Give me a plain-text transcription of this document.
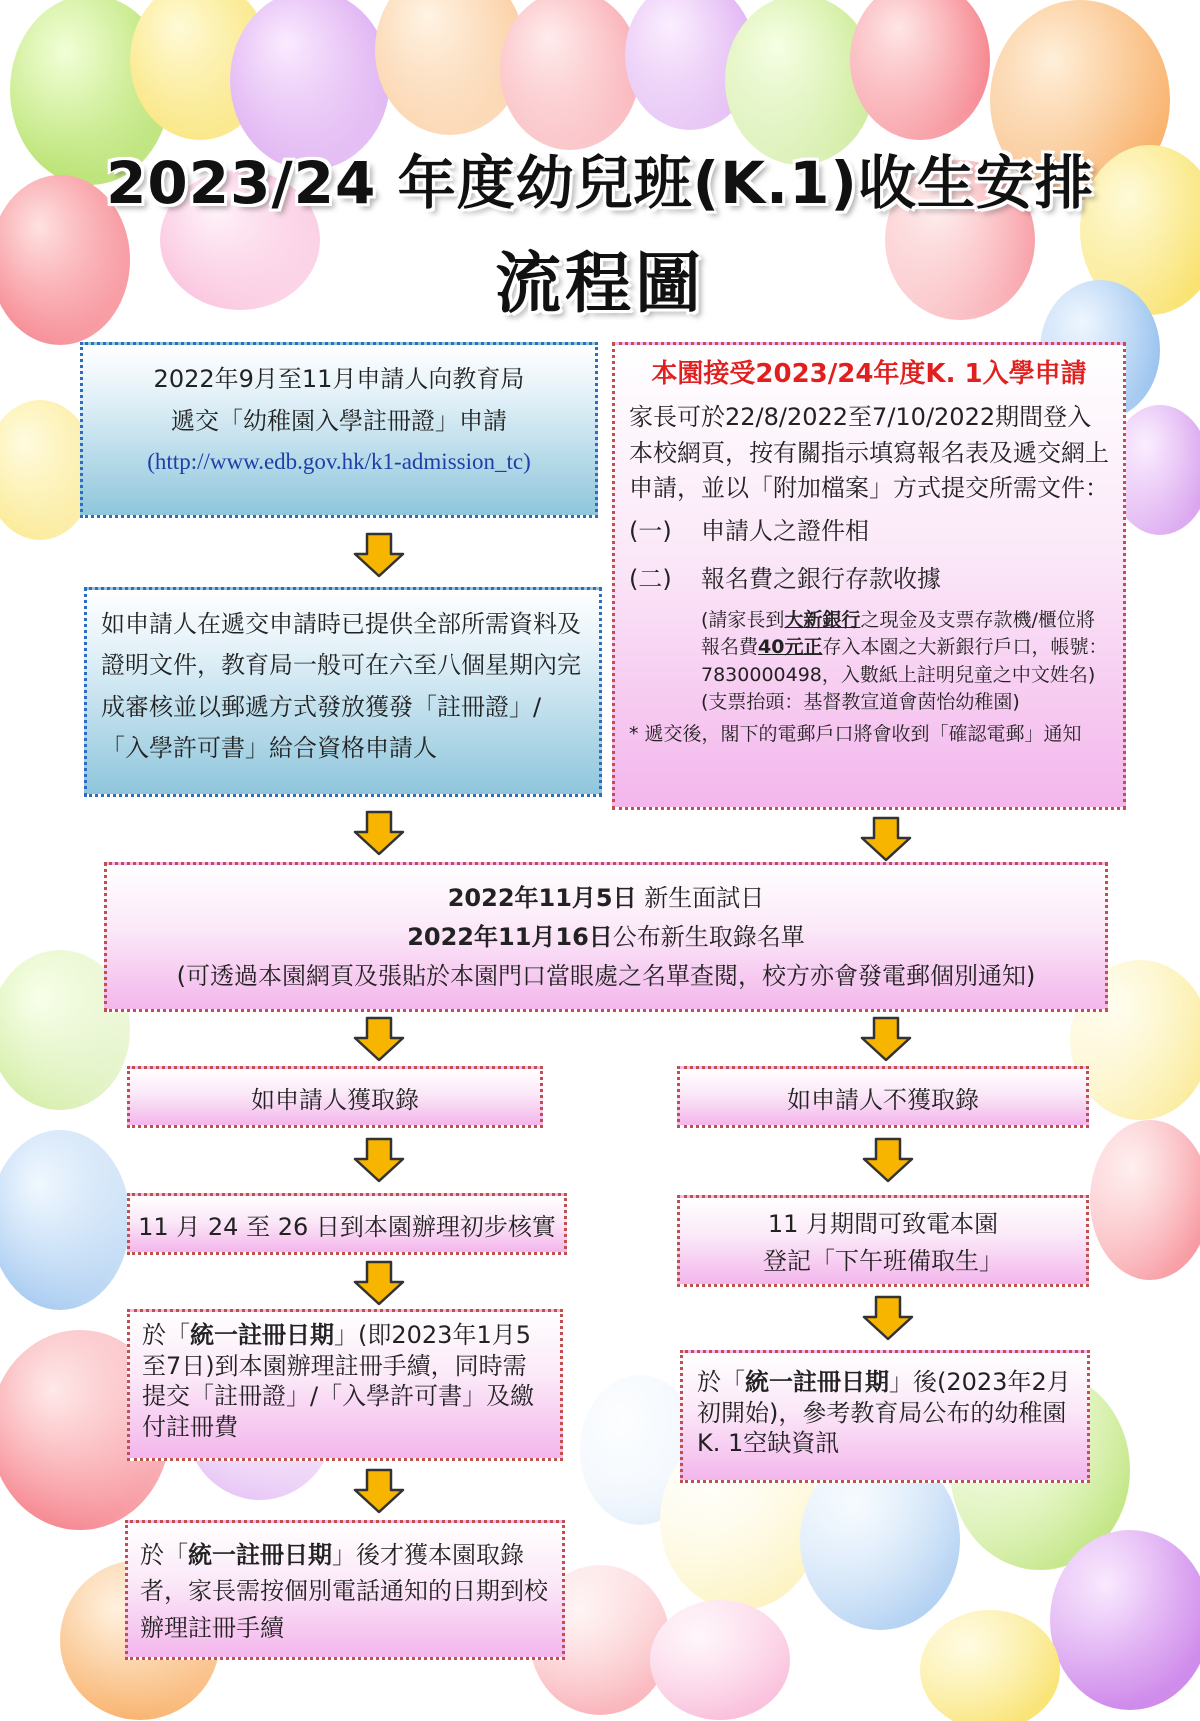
2023/24 年度幼兒班(K.1)收生安排
流程圖
2022年9月至11月申請人向教育局
遞交「幼稚園入學註冊證」申請
(http://www.edb.gov.hk/k1-admission_tc)
如申請人在遞交申請時已提供全部所需資料及證明文件，教育局一般可在六至八個星期內完成審核並以郵遞方式發放獲發「註冊證」/「入學許可書」給合資格申請人
本園接受2023/24年度K. 1入學申請
家長可於22/8/2022至7/10/2022期間登入本校網頁，按有關指示填寫報名表及遞交網上申請，並以「附加檔案」方式提交所需文件：
(一)	申請人之證件相
(二)	報名費之銀行存款收據
(請家長到大新銀行之現金及支票存款機/櫃位將報名費40元正存入本園之大新銀行戶口，帳號：7830000498，入數紙上註明兒童之中文姓名)(支票抬頭：基督教宣道會茵怡幼稚園)
* 遞交後，閣下的電郵戶口將會收到「確認電郵」通知
2022年11月5日 新生面試日
2022年11月16日公布新生取錄名單
(可透過本園網頁及張貼於本園門口當眼處之名單查閱，校方亦會發電郵個別通知)
如申請人獲取錄
11 月 24 至 26 日到本園辦理初步核實
於「統一註冊日期」(即2023年1月5至7日)到本園辦理註冊手續，同時需提交「註冊證」/「入學許可書」及繳付註冊費
於「統一註冊日期」後才獲本園取錄者，家長需按個別電話通知的日期到校辦理註冊手續
如申請人不獲取錄
11 月期間可致電本園
登記「下午班備取生」
於「統一註冊日期」後(2023年2月初開始)，參考教育局公布的幼稚園K. 1空缺資訊
